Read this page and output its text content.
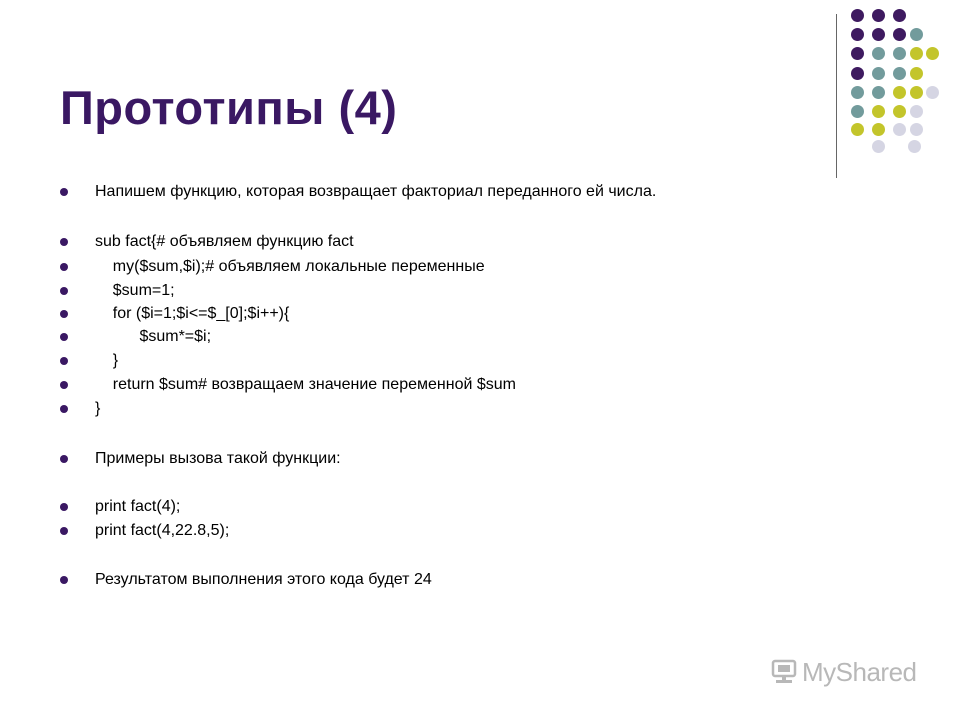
Прототипы (4)
Напишем функцию, которая возвращает факториал переданного ей числа.
sub fact{# объявляем функцию fact
my($sum,$i);# объявляем локальные переменные
$sum=1;
for ($i=1;$i<=$_[0];$i++){
$sum*=$i;
}
return $sum# возвращаем значение переменной $sum
}
Примеры вызова такой функции:
print fact(4);
print fact(4,22.8,5);
Результатом выполнения этого кода будет 24
MyShared
